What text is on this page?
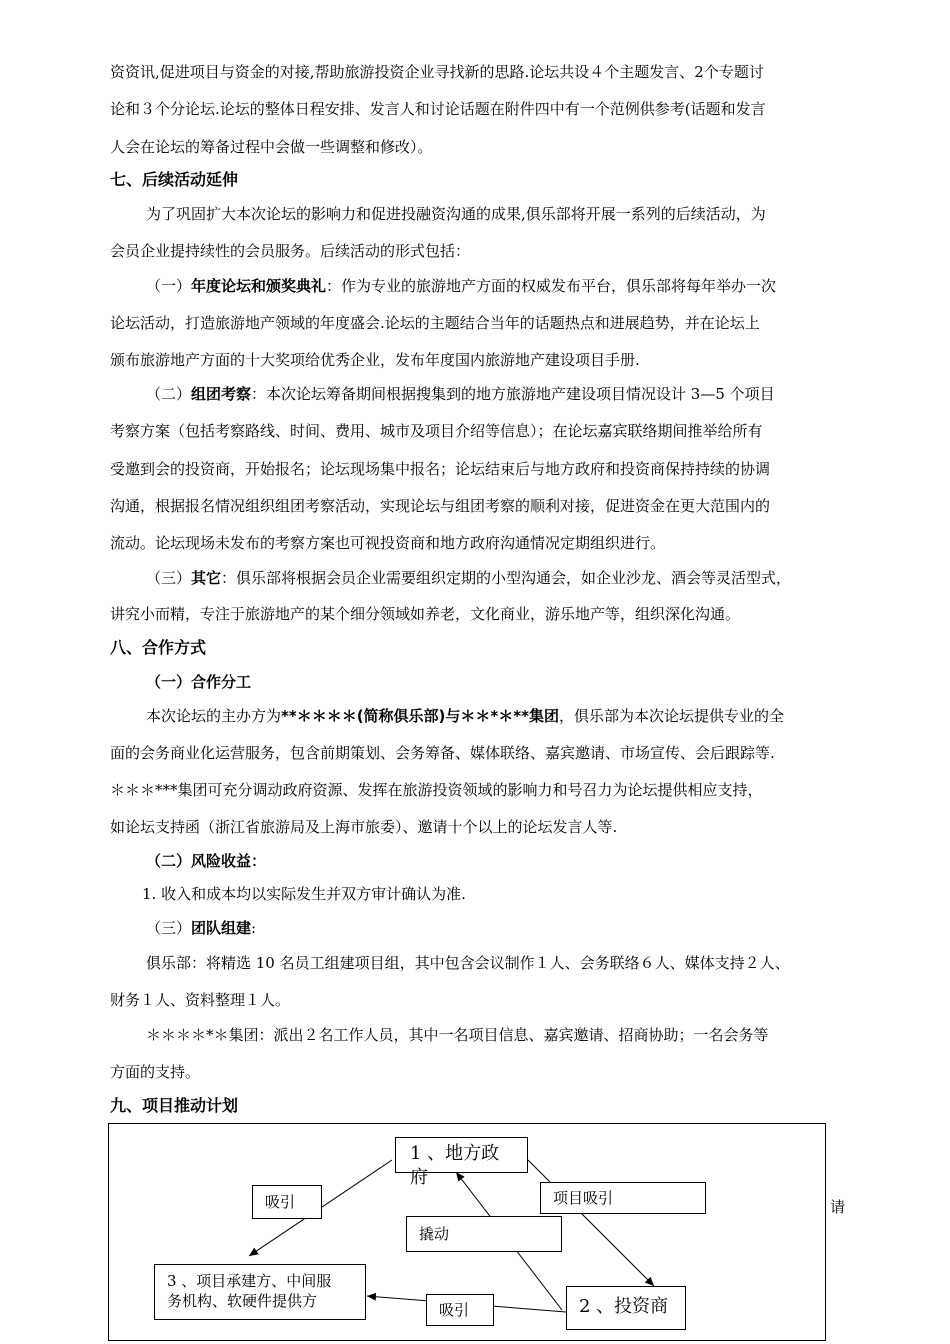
资资讯,促进项目与资金的对接,帮助旅游投资企业寻找新的思路.论坛共设４个主题发言、2个专题讨
论和３个分论坛.论坛的整体日程安排、发言人和讨论话题在附件四中有一个范例供参考(话题和发言
人会在论坛的筹备过程中会做一些调整和修改）。
七、后续活动延伸
为了巩固扩大本次论坛的影响力和促进投融资沟通的成果,俱乐部将开展一系列的后续活动，为
会员企业提持续性的会员服务。后续活动的形式包括：
（一）年度论坛和颁奖典礼：作为专业的旅游地产方面的权威发布平台，俱乐部将每年举办一次
论坛活动，打造旅游地产领域的年度盛会.论坛的主题结合当年的话题热点和进展趋势，并在论坛上
颁布旅游地产方面的十大奖项给优秀企业，发布年度国内旅游地产建设项目手册.
（二）组团考察：本次论坛筹备期间根据搜集到的地方旅游地产建设项目情况设计 3—5 个项目
考察方案（包括考察路线、时间、费用、城市及项目介绍等信息）；在论坛嘉宾联络期间推举给所有
受邀到会的投资商，开始报名；论坛现场集中报名；论坛结束后与地方政府和投资商保持持续的协调
沟通，根据报名情况组织组团考察活动，实现论坛与组团考察的顺利对接，促进资金在更大范围内的
流动。论坛现场未发布的考察方案也可视投资商和地方政府沟通情况定期组织进行。
（三）其它：俱乐部将根据会员企业需要组织定期的小型沟通会，如企业沙龙、酒会等灵活型式，
讲究小而精，专注于旅游地产的某个细分领域如养老，文化商业，游乐地产等，组织深化沟通。
八、合作方式
（一）合作分工
本次论坛的主办方为**＊＊＊＊(简称俱乐部)与＊＊*＊**集团，俱乐部为本次论坛提供专业的全
面的会务商业化运营服务，包含前期策划、会务筹备、媒体联络、嘉宾邀请、市场宣传、会后跟踪等.
＊＊＊***集团可充分调动政府资源、发挥在旅游投资领域的影响力和号召力为论坛提供相应支持，
如论坛支持函（浙江省旅游局及上海市旅委）、邀请十个以上的论坛发言人等.
（二）风险收益：
1. 收入和成本均以实际发生并双方审计确认为准.
（三）团队组建:
俱乐部：将精选 10 名员工组建项目组，其中包含会议制作１人、会务联络６人、媒体支持２人、
财务１人、资料整理１人。
＊＊＊＊*＊集团：派出２名工作人员，其中一名项目信息、嘉宾邀请、招商协助；一名会务等
方面的支持。
九、项目推动计划
1 、地方政府
2 、投资商
3 、项目承建方、中间服
务机构、软硬件提供方
吸引	项目吸引
撬动
吸引
请
